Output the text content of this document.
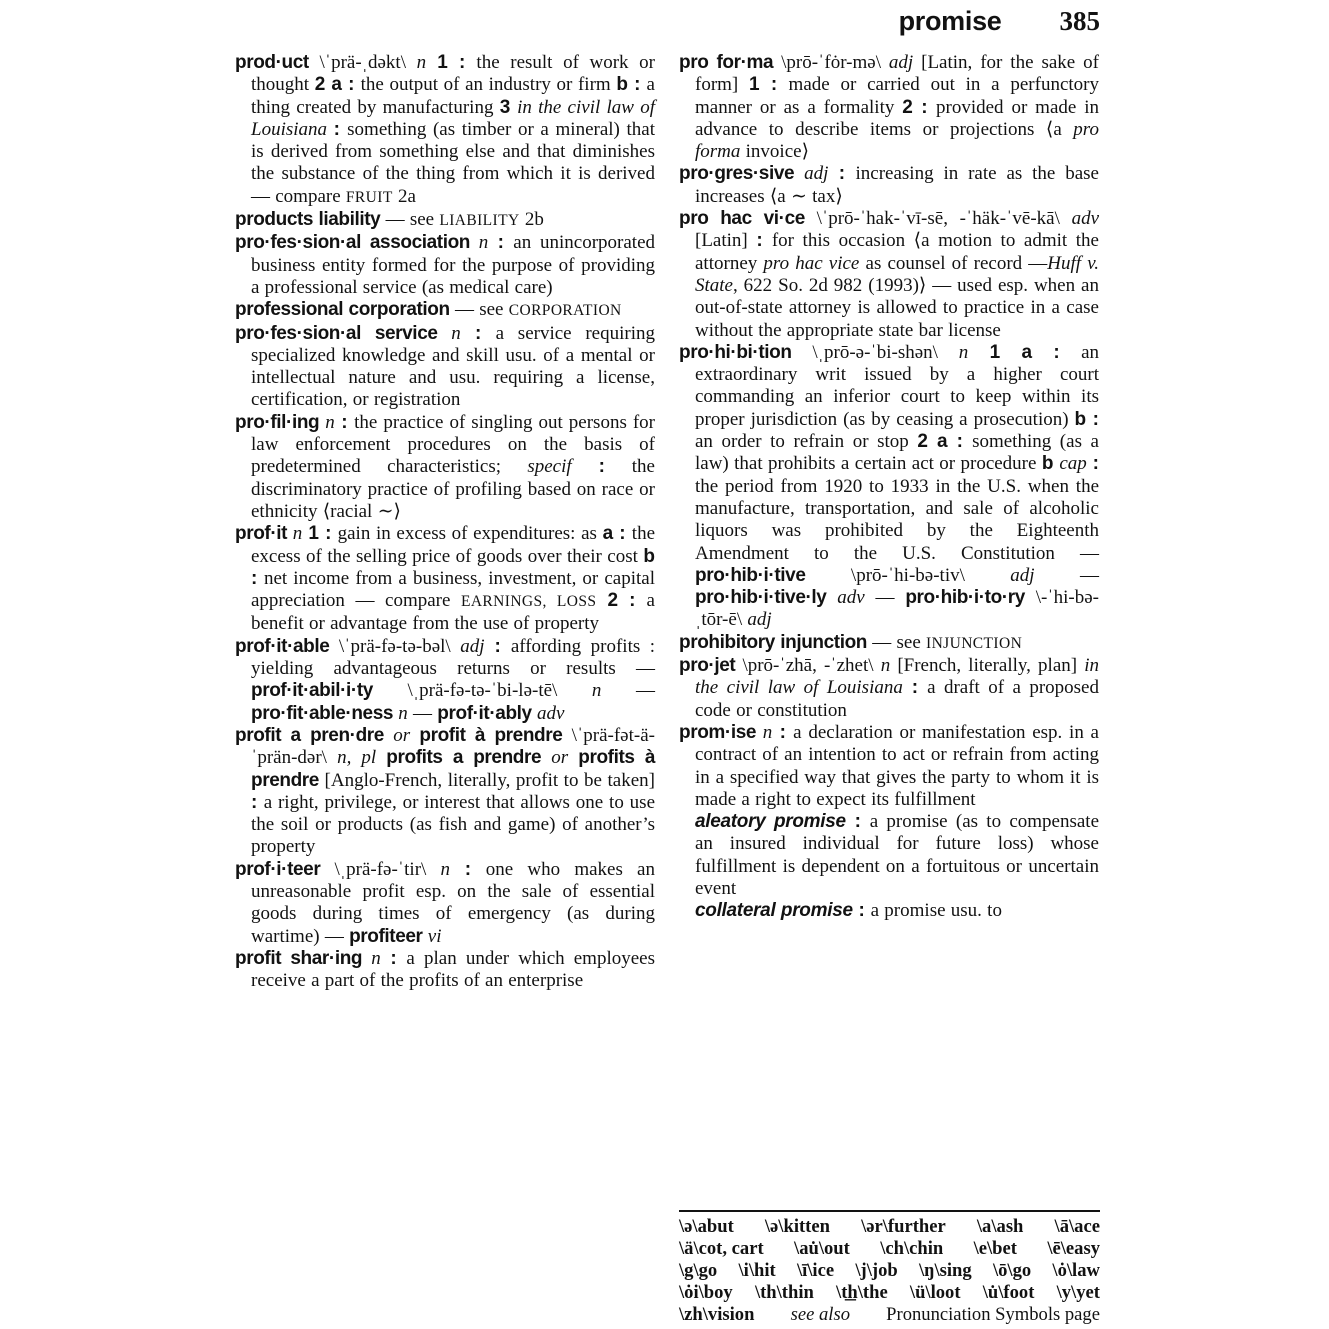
promise 385

prod·uct \ˈprä-ˌdəkt\ n 1 : the result of work or thought 2 a : the output of an industry or firm b : a thing created by manufacturing 3 in the civil law of Louisiana : something (as timber or a mineral) that is derived from something else and that diminishes the substance of the thing from which it is derived — compare FRUIT 2a

products liability — see LIABILITY 2b

pro·fes·sion·al association n : an unincorporated business entity formed for the purpose of providing a professional service (as medical care)

professional corporation — see CORPORATION

pro·fes·sion·al service n : a service requiring specialized knowledge and skill usu. of a mental or intellectual nature and usu. requiring a license, certification, or registration

pro·fil·ing n : the practice of singling out persons for law enforcement procedures on the basis of predetermined characteristics; specif : the discriminatory practice of profiling based on race or ethnicity ⟨racial ∼⟩

prof·it n 1 : gain in excess of expenditures: as a : the excess of the selling price of goods over their cost b : net income from a business, investment, or capital appreciation — compare EARNINGS, LOSS 2 : a benefit or advantage from the use of property

prof·it·able \ˈprä-fə-tə-bəl\ adj : affording profits : yielding advantageous returns or results — prof·it·abil·i·ty \ˌprä-fə-tə-ˈbi-lə-tē\ n — pro·fit·able·ness n — prof·it·ably adv

profit a pren·dre or profit à prendre \ˈprä-fət-ä-ˈprän-dər\ n, pl profits a prendre or profits à prendre [Anglo-French, literally, profit to be taken] : a right, privilege, or interest that allows one to use the soil or products (as fish and game) of another’s property

prof·i·teer \ˌprä-fə-ˈtir\ n : one who makes an unreasonable profit esp. on the sale of essential goods during times of emergency (as during wartime) — profiteer vi

profit shar·ing n : a plan under which employees receive a part of the profits of an enterprise

pro for·ma \prō-ˈfȯr-mə\ adj [Latin, for the sake of form] 1 : made or carried out in a perfunctory manner or as a formality 2 : provided or made in advance to describe items or projections ⟨a pro forma invoice⟩

pro·gres·sive adj : increasing in rate as the base increases ⟨a ∼ tax⟩

pro hac vi·ce \ˈprō-ˈhak-ˈvī-sē, -ˈhäk-ˈvē-kā\ adv [Latin] : for this occasion ⟨a motion to admit the attorney pro hac vice as counsel of record —Huff v. State, 622 So. 2d 982 (1993)⟩ — used esp. when an out-of-state attorney is allowed to practice in a case without the appropriate state bar license

pro·hi·bi·tion \ˌprō-ə-ˈbi-shən\ n 1 a : an extraordinary writ issued by a higher court commanding an inferior court to keep within its proper jurisdiction (as by ceasing a prosecution) b : an order to refrain or stop 2 a : something (as a law) that prohibits a certain act or procedure b cap : the period from 1920 to 1933 in the U.S. when the manufacture, transportation, and sale of alcoholic liquors was prohibited by the Eighteenth Amendment to the U.S. Constitution — pro·hib·i·tive \prō-ˈhi-bə-tiv\ adj — pro·hib·i·tive·ly adv — pro·hib·i·to·ry \-ˈhi-bə-ˌtōr-ē\ adj

prohibitory injunction — see INJUNCTION

pro·jet \prō-ˈzhā, -ˈzhet\ n [French, literally, plan] in the civil law of Louisiana : a draft of a proposed code or constitution

prom·ise n : a declaration or manifestation esp. in a contract of an intention to act or refrain from acting in a specified way that gives the party to whom it is made a right to expect its fulfillment

aleatory promise : a promise (as to compensate an insured individual for future loss) whose fulfillment is dependent on a fortuitous or uncertain event

collateral promise : a promise usu. to

\ə\abut \ə\kitten \ər\further \a\ash \ā\ace
\ä\cot, cart \au̇\out \ch\chin \e\bet \ē\easy
\g\go \i\hit \ī\ice \j\job \ŋ\sing \ō\go \ȯ\law
\ȯi\boy \th\thin \t͟h\the \ü\loot \u̇\foot \y\yet
\zh\vision see also Pronunciation Symbols page
